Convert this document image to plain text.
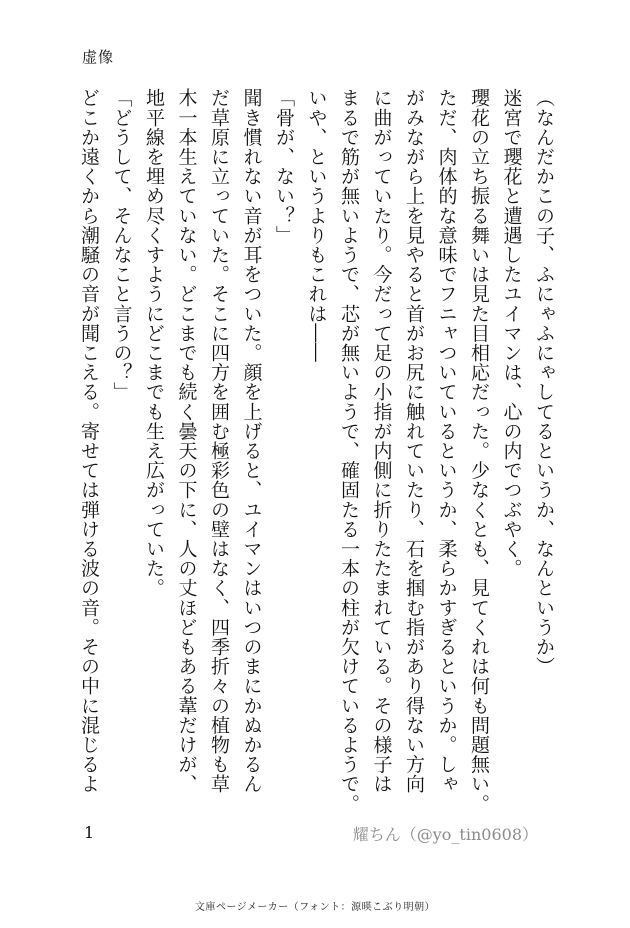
虚像
（なんだかこの子、ふにゃふにゃしてるというか、なんというか）
迷宮で瓔花と遭遇したユイマンは、心の内でつぶやく。
瓔花の立ち振る舞いは見た目相応だった。少なくとも、見てくれは何も問題無い。
ただ、肉体的な意味でフニャついているというか、柔らかすぎるというか。しゃ
がみながら上を見やると首がお尻に触れていたり、石を掴む指があり得ない方向
に曲がっていたり。今だって足の小指が内側に折りたたまれている。その様子は
まるで筋が無いようで、芯が無いようで、確固たる一本の柱が欠けているようで。
いや、というよりもこれは――
「骨が、ない？」
聞き慣れない音が耳をついた。顔を上げると、ユイマンはいつのまにかぬかるん
だ草原に立っていた。そこに四方を囲む極彩色の壁はなく、四季折々の植物も草
木一本生えていない。どこまでも続く曇天の下に、人の丈ほどもある葦だけが、
地平線を埋め尽くすようにどこまでも生え広がっていた。
「どうして、そんなこと言うの？」
どこか遠くから潮騒の音が聞こえる。寄せては弾ける波の音。その中に混じるよ
1	耀ちん（@yo_tin0608）
文庫ページメーカー（フォント：源暎こぶり明朝）
